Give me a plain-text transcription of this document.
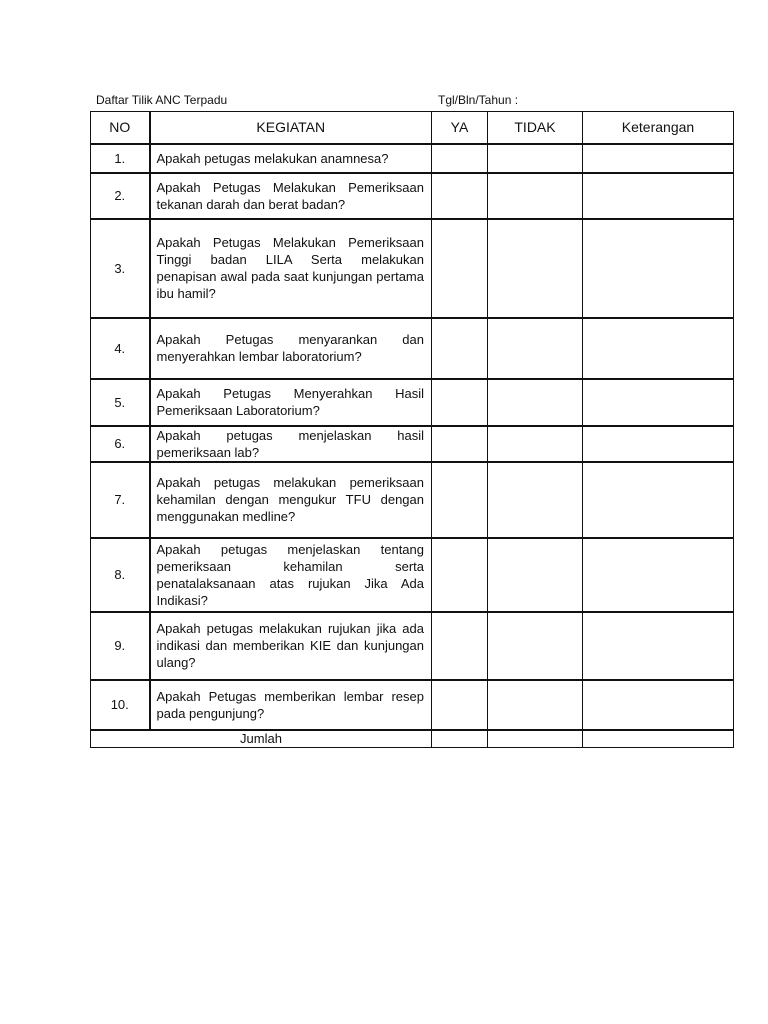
Daftar Tilik ANC Terpadu	Tgl/Bln/Tahun :
NO	KEGIATAN	YA	TIDAK	Keterangan
1.	Apakah petugas melakukan anamnesa?			
2.	Apakah Petugas Melakukan Pemeriksaan tekanan darah dan berat badan?			
3.	Apakah Petugas Melakukan Pemeriksaan Tinggi badan LILA Serta melakukan penapisan awal pada saat kunjungan pertama ibu hamil?			
4.	Apakah Petugas menyarankan dan menyerahkan lembar laboratorium?			
5.	Apakah Petugas Menyerahkan Hasil Pemeriksaan Laboratorium?			
6.	Apakah petugas menjelaskan hasil pemeriksaan lab?			
7.	Apakah petugas melakukan pemeriksaan kehamilan dengan mengukur TFU dengan menggunakan medline?			
8.	Apakah petugas menjelaskan tentang pemeriksaan kehamilan serta penatalaksanaan atas rujukan Jika Ada Indikasi?			
9.	Apakah petugas melakukan rujukan jika ada indikasi dan memberikan KIE dan kunjungan ulang?			
10.	Apakah Petugas memberikan lembar resep pada pengunjung?			
Jumlah				
